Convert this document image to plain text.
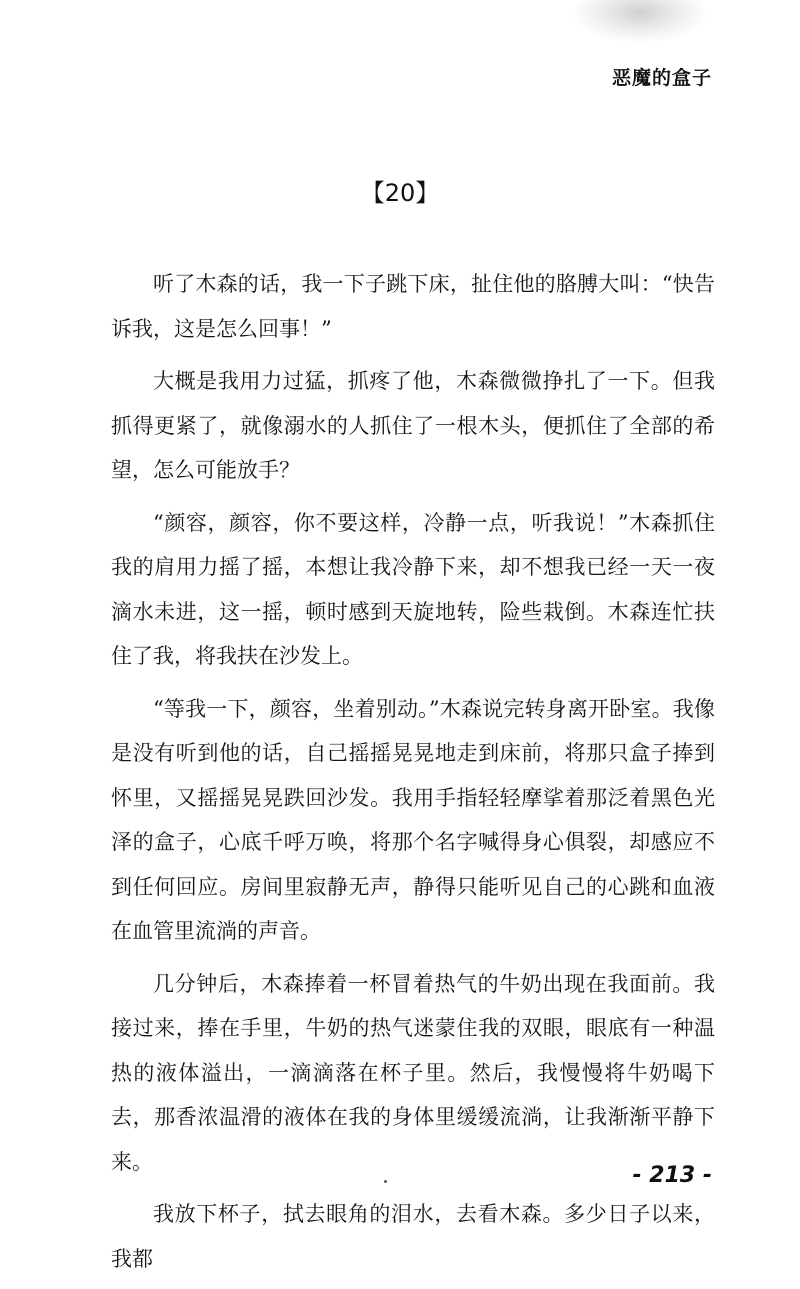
恶魔的盒子
【20】

听了木森的话，我一下子跳下床，扯住他的胳膊大叫：“快告诉我，这是怎么回事！”

大概是我用力过猛，抓疼了他，木森微微挣扎了一下。但我抓得更紧了，就像溺水的人抓住了一根木头，便抓住了全部的希望，怎么可能放手？

“颜容，颜容，你不要这样，冷静一点，听我说！”木森抓住我的肩用力摇了摇，本想让我冷静下来，却不想我已经一天一夜滴水未进，这一摇，顿时感到天旋地转，险些栽倒。木森连忙扶住了我，将我扶在沙发上。

“等我一下，颜容，坐着别动。”木森说完转身离开卧室。我像是没有听到他的话，自己摇摇晃晃地走到床前，将那只盒子捧到怀里，又摇摇晃晃跌回沙发。我用手指轻轻摩挲着那泛着黑色光泽的盒子，心底千呼万唤，将那个名字喊得身心俱裂，却感应不到任何回应。房间里寂静无声，静得只能听见自己的心跳和血液在血管里流淌的声音。

几分钟后，木森捧着一杯冒着热气的牛奶出现在我面前。我接过来，捧在手里，牛奶的热气迷蒙住我的双眼，眼底有一种温热的液体溢出，一滴滴落在杯子里。然后，我慢慢将牛奶喝下去，那香浓温滑的液体在我的身体里缓缓流淌，让我渐渐平静下来。

我放下杯子，拭去眼角的泪水，去看木森。多少日子以来，我都

- 213 -
